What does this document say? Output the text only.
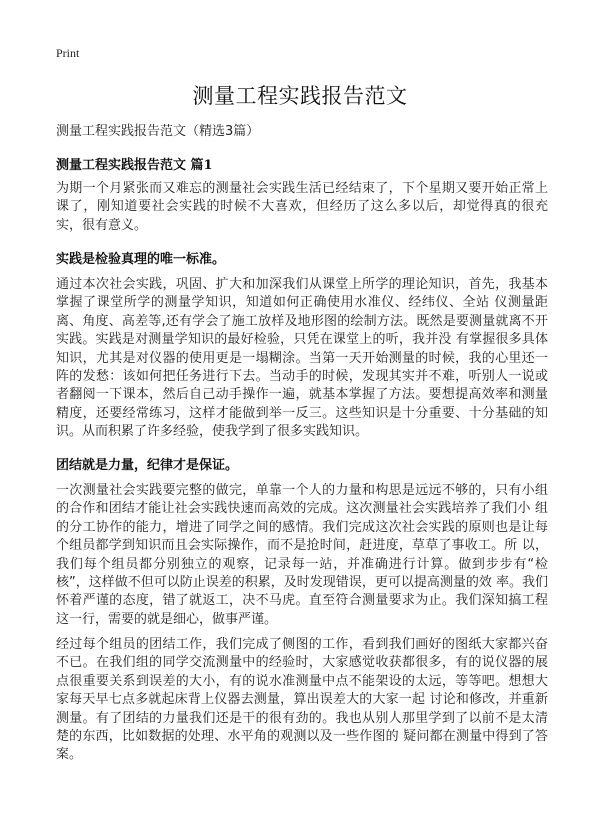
Print
测量工程实践报告范文
测量工程实践报告范文（精选3篇）
测量工程实践报告范文 篇1

为期一个月紧张而又难忘的测量社会实践生活已经结束了，下个星期又要开始正常上课了，刚知道要社会实践的时候不大喜欢，但经历了这么多以后，却觉得真的很充实，很有意义。

实践是检验真理的唯一标准。

通过本次社会实践，巩固、扩大和加深我们从课堂上所学的理论知识，首先，我基本掌握了课堂所学的测量学知识，知道如何正确使用水准仪、经纬仪、全站 仪测量距离、角度、高差等,还有学会了施工放样及地形图的绘制方法。既然是要测量就离不开实践。实践是对测量学知识的最好检验，只凭在课堂上的听，我并没 有掌握很多具体知识，尤其是对仪器的使用更是一塌糊涂。当第一天开始测量的时候，我的心里还一阵的发愁：该如何把任务进行下去。当动手的时候，发现其实并不难，听别人一说或者翻阅一下课本，然后自己动手操作一遍，就基本掌握了方法。要想提高效率和测量精度，还要经常练习，这样才能做到举一反三。这些知识是十分重要、十分基础的知识。从而积累了许多经验，使我学到了很多实践知识。

团结就是力量，纪律才是保证。

一次测量社会实践要完整的做完，单靠一个人的力量和构思是远远不够的，只有小组的合作和团结才能让社会实践快速而高效的完成。这次测量社会实践培养了我们小 组的分工协作的能力，增进了同学之间的感情。我们完成这次社会实践的原则也是让每个组员都学到知识而且会实际操作，而不是抢时间，赶进度，草草了事收工。所 以，我们每个组员都分别独立的观察，记录每一站，并准确进行计算。做到步步有“检核”，这样做不但可以防止误差的积累，及时发现错误，更可以提高测量的效 率。我们怀着严谨的态度，错了就返工，决不马虎。直至符合测量要求为止。我们深知搞工程这一行，需要的就是细心，做事严谨。

经过每个组员的团结工作，我们完成了侧图的工作，看到我们画好的图纸大家都兴奋不已。在我们组的同学交流测量中的经验时，大家感觉收获都很多，有的说仪器的展点很重要关系到误差的大小，有的说水准测量中点不能架设的太远，等等吧。想想大家每天早七点多就起床背上仪器去测量，算出误差大的大家一起 讨论和修改，并重新测量。有了团结的力量我们还是干的很有劲的。我也从别人那里学到了以前不是太清楚的东西，比如数据的处理、水平角的观测以及一些作图的 疑问都在测量中得到了答案。
